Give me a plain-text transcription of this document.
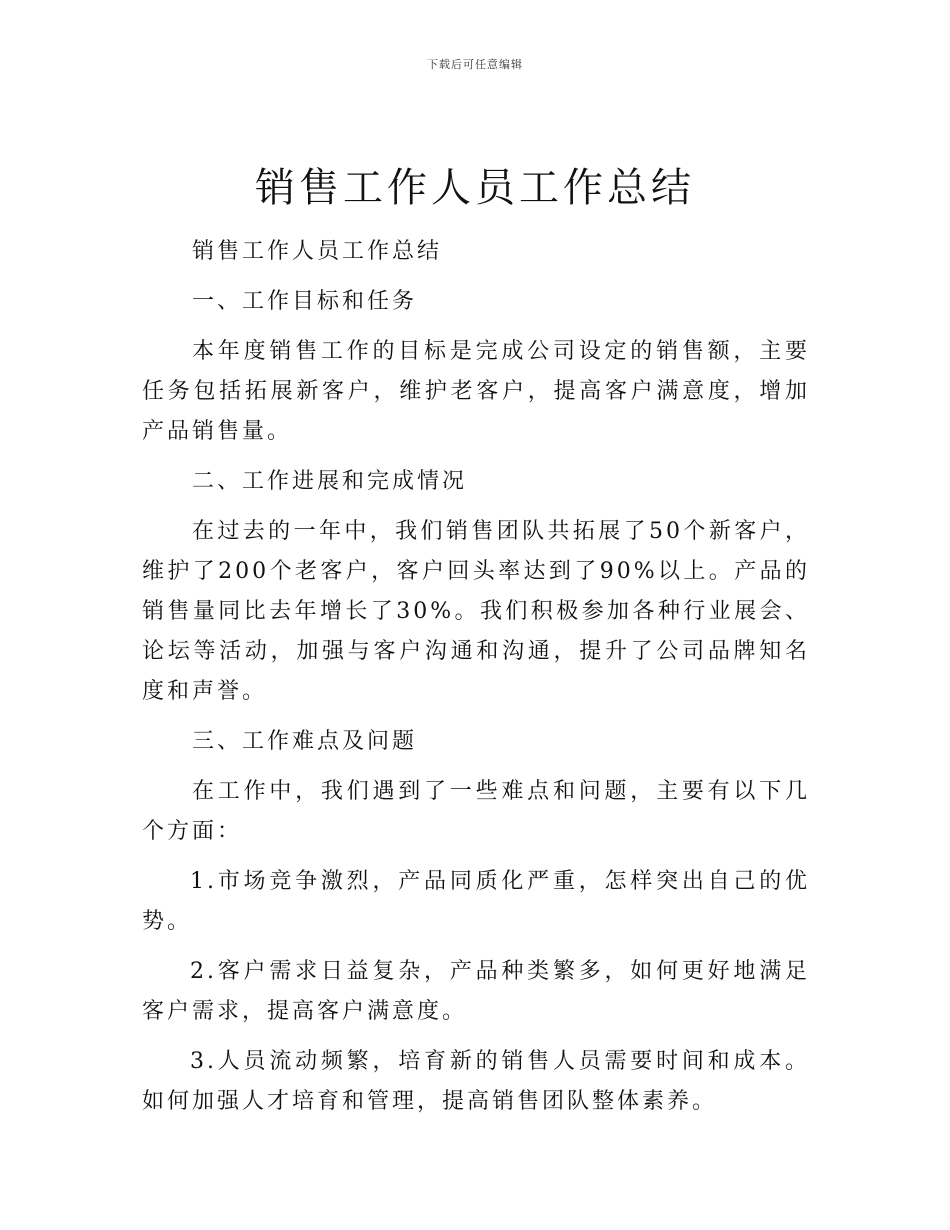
下载后可任意编辑
销售工作人员工作总结

销售工作人员工作总结

一、工作目标和任务

本年度销售工作的目标是完成公司设定的销售额，主要任务包括拓展新客户，维护老客户，提高客户满意度，增加产品销售量。

二、工作进展和完成情况

在过去的一年中，我们销售团队共拓展了50个新客户，维护了200个老客户，客户回头率达到了90%以上。产品的销售量同比去年增长了30%。我们积极参加各种行业展会、论坛等活动，加强与客户沟通和沟通，提升了公司品牌知名度和声誉。

三、工作难点及问题

在工作中，我们遇到了一些难点和问题，主要有以下几个方面：

1.市场竞争激烈，产品同质化严重，怎样突出自己的优势。

2.客户需求日益复杂，产品种类繁多，如何更好地满足客户需求，提高客户满意度。

3.人员流动频繁，培育新的销售人员需要时间和成本。如何加强人才培育和管理，提高销售团队整体素养。
